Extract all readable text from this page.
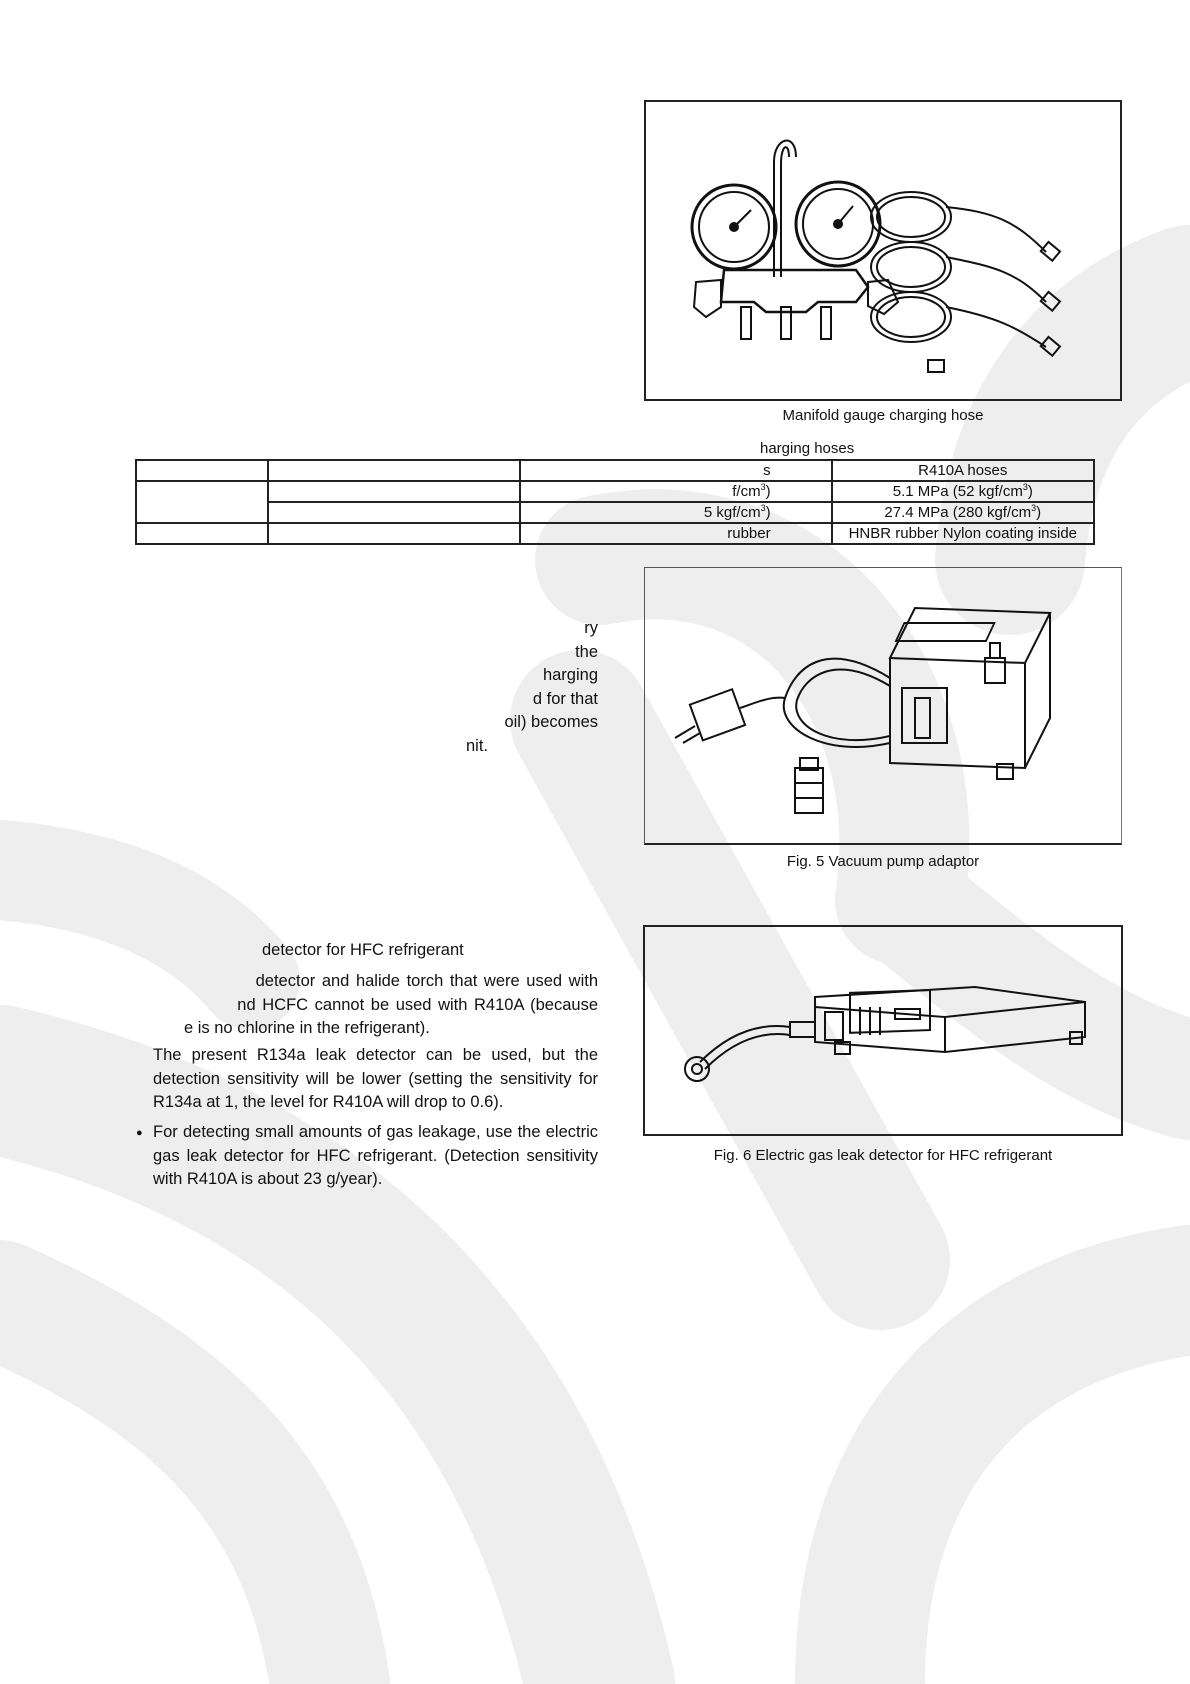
Manifold gauge charging hose
harging hoses
		s	R410A hoses
		$f/cm^3$)	5.1 MPa (52 kgf/$cm^3$)
		5 kgf/$cm^3$)	27.4 MPa (280 kgf/$cm^3$)
		rubber	HNBR rubber Nylon coating inside
ry
the
harging
d for that
oil) becomes
nit.
Fig. 5 Vacuum pump adaptor
detector for HFC refrigerant
detector and halide torch that were used with
nd HCFC cannot be used with R410A (because
e is no chlorine in the refrigerant).

The present R134a leak detector can be used, but the detection sensitivity will be lower (setting the sensitivity for R134a at 1, the level for R410A will drop to 0.6).

● For detecting small amounts of gas leakage, use the electric gas leak detector for HFC refrigerant. (Detection sensitivity with R410A is about 23 g/year).

Fig. 6 Electric gas leak detector for HFC refrigerant
